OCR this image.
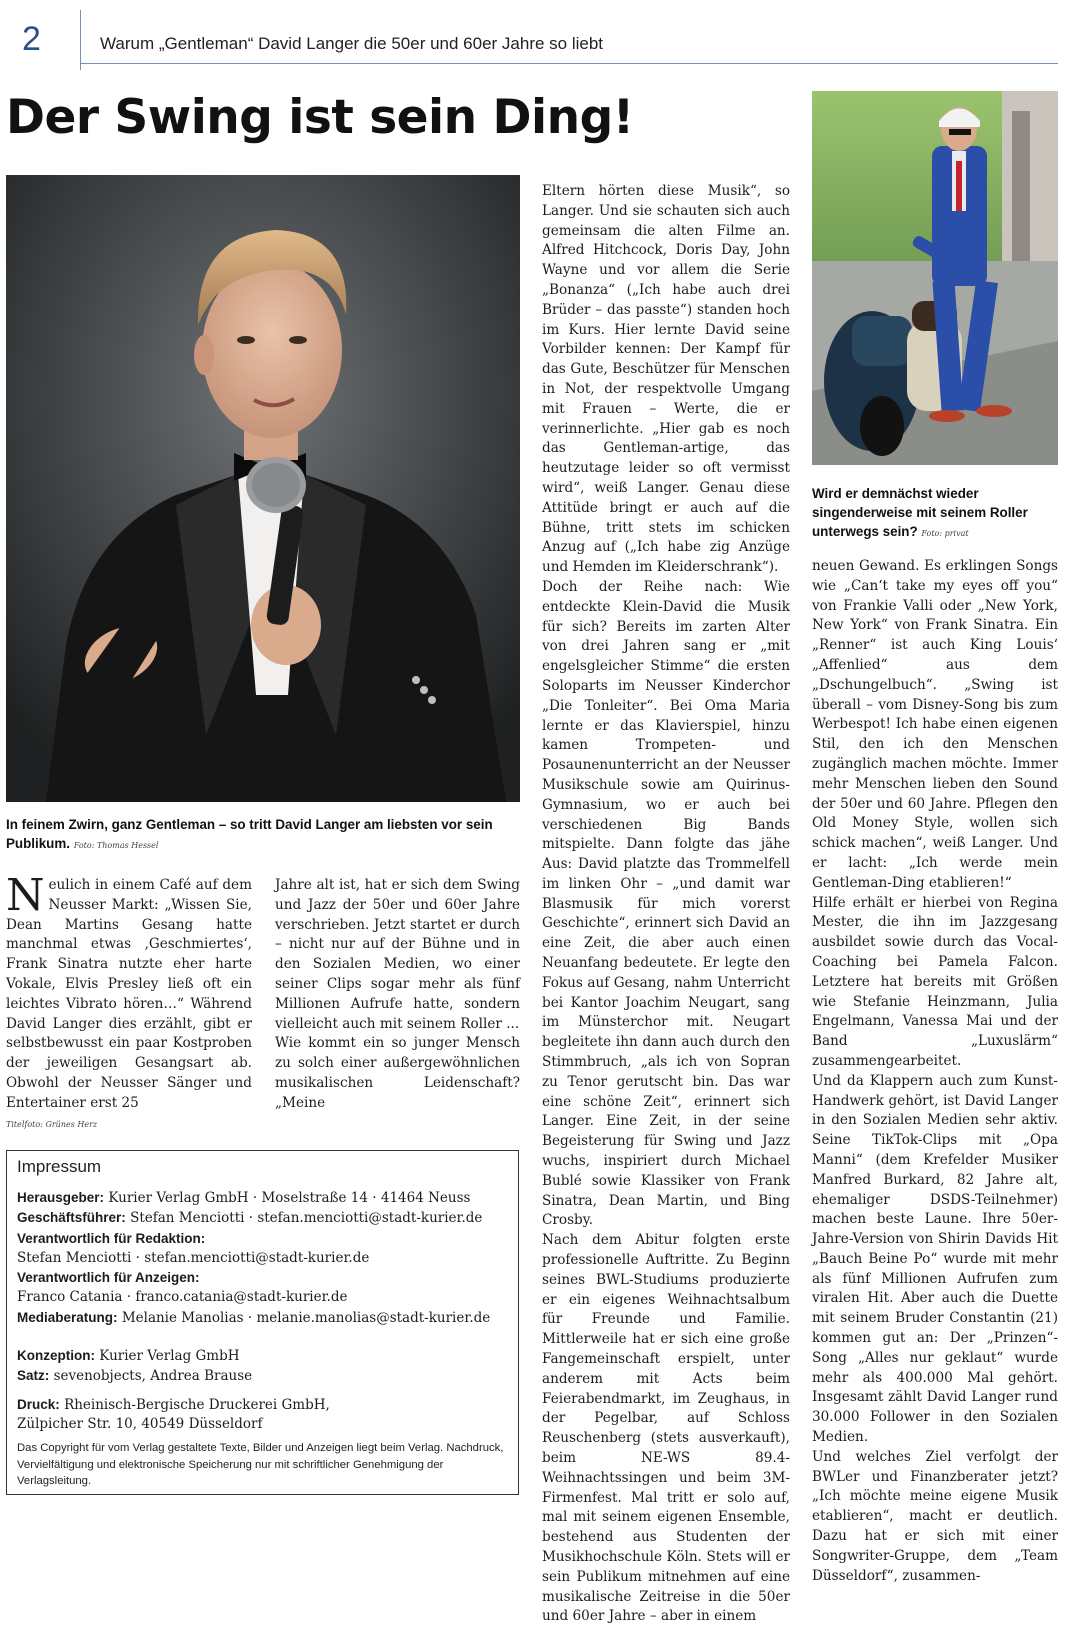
2	Warum „Gentleman“ David Langer die 50er und 60er Jahre so liebt
Der Swing ist sein Ding!
In feinem Zwirn, ganz Gentleman – so tritt David Langer am liebsten vor sein Publikum. Foto: Thomas Hessel

Neulich in einem Café auf dem Neusser Markt: „Wissen Sie, Dean Martins Gesang hatte manchmal etwas ‚Geschmiertes‘, Frank Sinatra nutzte eher harte Vokale, Elvis Presley ließ oft ein leichtes Vibrato hören…“ Während David Langer dies erzählt, gibt er selbstbewusst ein paar Kostproben der jeweiligen Gesangsart ab. Obwohl der Neusser Sänger und Entertainer erst 25

Jahre alt ist, hat er sich dem Swing und Jazz der 50er und 60er Jahre verschrieben. Jetzt startet er durch – nicht nur auf der Bühne und in den Sozialen Medien, wo einer seiner Clips sogar mehr als fünf Millionen Aufrufe hatte, sondern vielleicht auch mit seinem Roller ...

Wie kommt ein so junger Mensch zu solch einer außergewöhnlichen musikalischen Leidenschaft? „Meine

Titelfoto: Grünes Herz

Eltern hörten diese Musik“, so Langer. Und sie schauten sich auch gemeinsam die alten Filme an. Alfred Hitchcock, Doris Day, John Wayne und vor allem die Serie „Bonanza“ („Ich habe auch drei Brüder – das passte“) standen hoch im Kurs. Hier lernte David seine Vorbilder kennen: Der Kampf für das Gute, Beschützer für Menschen in Not, der respektvolle Umgang mit Frauen – Werte, die er verinnerlichte. „Hier gab es noch das Gentleman-artige, das heutzutage leider so oft vermisst wird“, weiß Langer. Genau diese Attitüde bringt er auch auf die Bühne, tritt stets im schicken Anzug auf („Ich habe zig Anzüge und Hemden im Kleiderschrank“).

Doch der Reihe nach: Wie entdeckte Klein-David die Musik für sich? Bereits im zarten Alter von drei Jahren sang er „mit engelsgleicher Stimme“ die ersten Soloparts im Neusser Kinderchor „Die Tonleiter“. Bei Oma Maria lernte er das Klavierspiel, hinzu kamen Trompeten- und Posaunenunterricht an der Neusser Musikschule sowie am Quirinus-Gymnasium, wo er auch bei verschiedenen Big Bands mitspielte. Dann folgte das jähe Aus: David platzte das Trommelfell im linken Ohr – „und damit war Blasmusik für mich vorerst Geschichte“, erinnert sich David an eine Zeit, die aber auch einen Neuanfang bedeutete. Er legte den Fokus auf Gesang, nahm Unterricht bei Kantor Joachim Neugart, sang im Münsterchor mit. Neugart begleitete ihn dann auch durch den Stimmbruch, „als ich von Sopran zu Tenor gerutscht bin. Das war eine schöne Zeit“, erinnert sich Langer. Eine Zeit, in der seine Begeisterung für Swing und Jazz wuchs, inspiriert durch Michael Bublé sowie Klassiker von Frank Sinatra, Dean Martin, und Bing Crosby.

Nach dem Abitur folgten erste professionelle Auftritte. Zu Beginn seines BWL-Studiums produzierte er ein eigenes Weihnachtsalbum für Freunde und Familie. Mittlerweile hat er sich eine große Fangemeinschaft erspielt, unter anderem mit Acts beim Feierabendmarkt, im Zeughaus, in der Pegelbar, auf Schloss Reuschenberg (stets ausverkauft), beim NE-WS 89.4-Weihnachtssingen und beim 3M-Firmenfest. Mal tritt er solo auf, mal mit seinem eigenen Ensemble, bestehend aus Studenten der Musikhochschule Köln. Stets will er sein Publikum mitnehmen auf eine musikalische Zeitreise in die 50er und 60er Jahre – aber in einem

Wird er demnächst wieder singenderweise mit seinem Roller unterwegs sein? Foto: privat

neuen Gewand. Es erklingen Songs wie „Can‘t take my eyes off you“ von Frankie Valli oder „New York, New York“ von Frank Sinatra. Ein „Renner“ ist auch King Louis‘ „Affenlied“ aus dem „Dschungelbuch“. „Swing ist überall – vom Disney-Song bis zum Werbespot! Ich habe einen eigenen Stil, den ich den Menschen zugänglich machen möchte. Immer mehr Menschen lieben den Sound der 50er und 60 Jahre. Pflegen den Old Money Style, wollen sich schick machen“, weiß Langer. Und er lacht: „Ich werde mein Gentleman-Ding etablieren!“

Hilfe erhält er hierbei von Regina Mester, die ihn im Jazzgesang ausbildet sowie durch das Vocal-Coaching bei Pamela Falcon. Letztere hat bereits mit Größen wie Stefanie Heinzmann, Julia Engelmann, Vanessa Mai und der Band „Luxuslärm“ zusammengearbeitet.

Und da Klappern auch zum Kunst-Handwerk gehört, ist David Langer in den Sozialen Medien sehr aktiv. Seine TikTok-Clips mit „Opa Manni“ (dem Krefelder Musiker Manfred Burkard, 82 Jahre alt, ehemaliger DSDS-Teilnehmer) machen beste Laune. Ihre 50er-Jahre-Version von Shirin Davids Hit „Bauch Beine Po“ wurde mit mehr als fünf Millionen Aufrufen zum viralen Hit. Aber auch die Duette mit seinem Bruder Constantin (21) kommen gut an: Der „Prinzen“-Song „Alles nur geklaut“ wurde mehr als 400.000 Mal gehört. Insgesamt zählt David Langer rund 30.000 Follower in den Sozialen Medien.

Und welches Ziel verfolgt der BWLer und Finanzberater jetzt? „Ich möchte meine eigene Musik etablieren“, macht er deutlich. Dazu hat er sich mit einer Songwriter-Gruppe, dem „Team Düsseldorf“, zusammen-

Impressum
Herausgeber: Kurier Verlag GmbH · Moselstraße 14 · 41464 Neuss
Geschäftsführer: Stefan Menciotti · stefan.menciotti@stadt-kurier.de
Verantwortlich für Redaktion:
Stefan Menciotti · stefan.menciotti@stadt-kurier.de
Verantwortlich für Anzeigen:
Franco Catania · franco.catania@stadt-kurier.de
Mediaberatung: Melanie Manolias · melanie.manolias@stadt-kurier.de
Konzeption: Kurier Verlag GmbH
Satz: sevenobjects, Andrea Brause
Druck: Rheinisch-Bergische Druckerei GmbH,
Zülpicher Str. 10, 40549 Düsseldorf
Das Copyright für vom Verlag gestaltete Texte, Bilder und Anzeigen liegt beim Verlag. Nachdruck, Vervielfältigung und elektronische Speicherung nur mit schriftlicher Genehmigung der Verlagsleitung.
